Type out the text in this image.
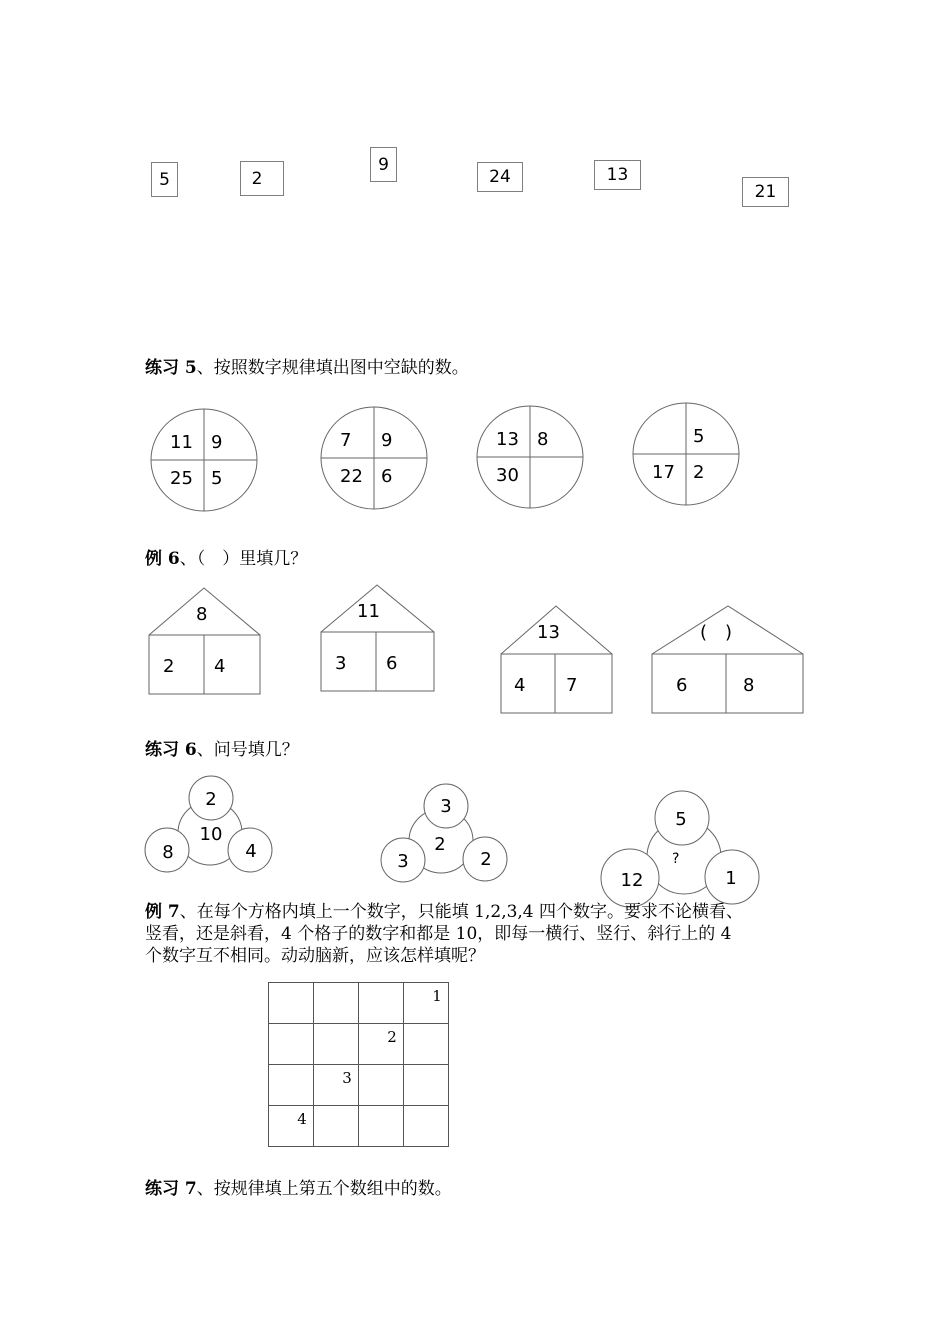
5	2
9
24	13
21
练习 5、按照数字规律填出图中空缺的数。
11 9
25 5
7 9
22 6
13 8
30
5
17 2
例 6、（　）里填几？
8
2 4
11
3 6
13
4 7
(　)
6	8
练习 6、问号填几？
2
10
8	4
3
2
3	2
5
?
12	1
例 7、在每个方格内填上一个数字，只能填 1,2,3,4 四个数字。要求不论横看、
竖看，还是斜看，4 个格子的数字和都是 10，即每一横行、竖行、斜行上的 4
个数字互不相同。动动脑新，应该怎样填呢？
			1
		2	
	3		
4			
练习 7、按规律填上第五个数组中的数。
